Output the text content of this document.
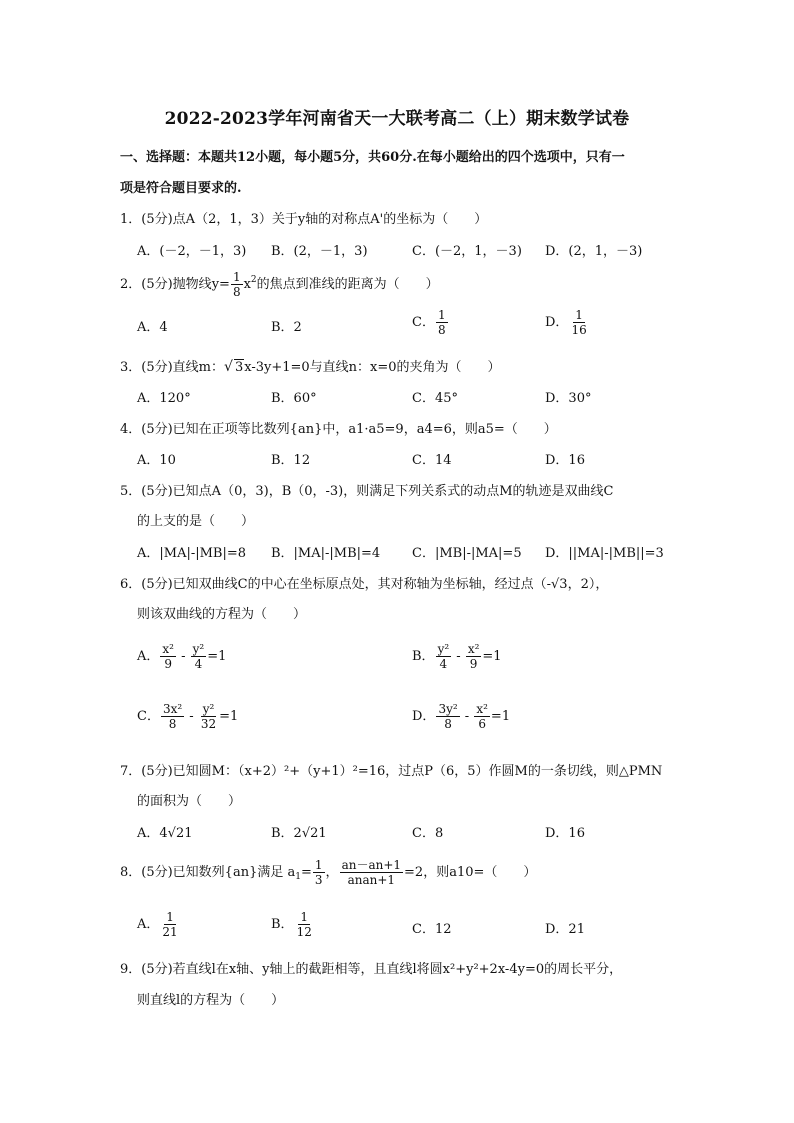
2022-2023学年河南省天一大联考高二（上）期末数学试卷
一、选择题：本题共12小题，每小题5分，共60分.在每小题给出的四个选项中，只有一
项是符合题目要求的.
1．(5分)点A（2，1，3）关于y轴的对称点A'的坐标为（　　）
A．(－2，－1，3) B．(2，－1，3)	C．(－2，1，－3) D．(2，1，－3)
2．(5分)抛物线$y= \frac{1}{8} x^2$的焦点到准线的距离为（　　）
A．4	B．2	C． $\frac{1}{8}$	D． $\frac{1}{16}$
3．(5分)直线m：√ 3x-3y+1=0与直线n：x=0的夹角为（　　）
A．120°	B．60°	C．45°	D．30°
4．(5分)已知在正项等比数列{an}中，a1·a5=9，a4=6，则a5=（　　）
A．10	B．12	C．14	D．16
5．(5分)已知点A（0，3)，B（0，-3)，则满足下列关系式的动点M的轨迹是双曲线C
的上支的是（　　）
A．|MA|-|MB|=8 B．|MA|-|MB|=4 C．|MB|-|MA|=5 D．||MA|-|MB||=3
6．(5分)已知双曲线C的中心在坐标原点处，其对称轴为坐标轴，经过点（-√3，2），
则该双曲线的方程为（　　）
A． $\frac{\text{x²}}{9} - \frac{\text{y²}}{4} =1$	B． $\frac{\text{y²}}{4} - \frac{\text{x²}}{9} =1$
C． $\frac{\text{3x²}}{8} - \frac{\text{y²}}{32} =1$	D． $\frac{\text{3y²}}{8} - \frac{\text{x²}}{6} =1$
7．(5分)已知圆M：（x+2）²+（y+1）²=16，过点P（6，5）作圆M的一条切线，则△PMN
的面积为（　　）
A．4√21	B．2√21	C．8	D．16
8．(5分)已知数列{an}满足 $a_1= \frac{1}{3}$ ， $\frac{an-an+1}{\text{anan+1}} =2$，则a10=（　　）
A． $\frac{1}{21}$	B． $\frac{1}{12}$	C．12	D．21
9．(5分)若直线l在x轴、y轴上的截距相等，且直线l将圆x²+y²+2x-4y=0的周长平分，
则直线l的方程为（　　）
